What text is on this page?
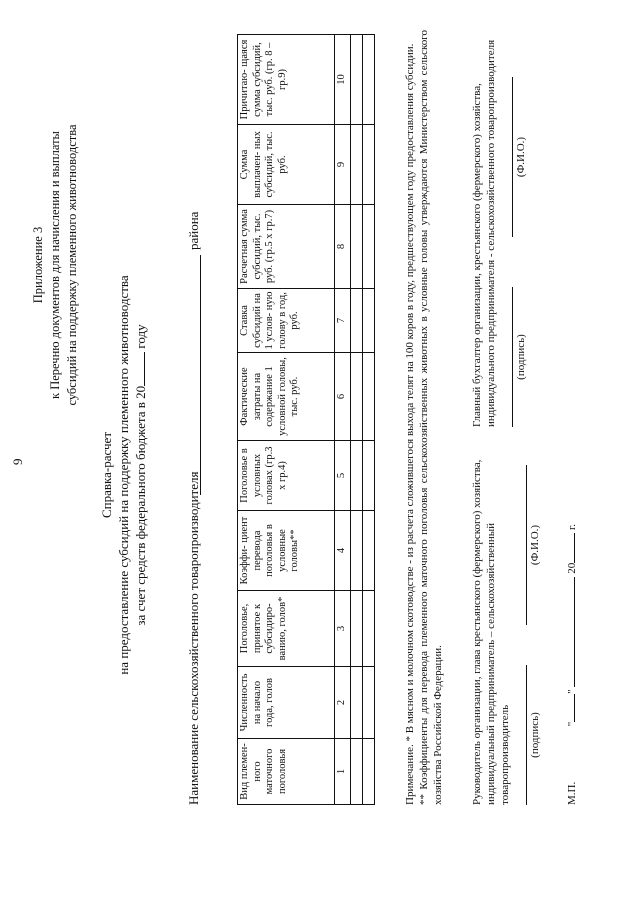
9
Приложение 3 к Перечню документов для начисления и выплаты субсидий на поддержку племенного животноводства
Справка-расчет на предоставление субсидий на поддержку племенного животноводства за счет средств федерального бюджета в 20 году
Наименование сельскохозяйственного товаропроизводителя
района
Вид племен- ного маточного поголовья	Численность на начало года, голов	Поголовье, принятое к субсидиро- ванию, голов*	Коэффи- циент перевода поголовья в условные головы**	Поголовье в условных головах (гр.3 х гр.4)	Фактические затраты на содержание 1 условной головы, тыс. руб.	Ставка субсидий на 1 услов- ную голову в год, руб.	Расчетная сумма субсидий, тыс. руб. (гр.5 х гр.7)	Сумма выплачен- ных субсидий, тыс. руб.	Причитаю- щаяся сумма субсидий, тыс. руб. (гр. 8 – гр.9)
1	2	3	4	5	6	7	8	9	10

										Примечание. * В мясном и молочном скотоводстве - из расчета сложившегося выхода телят на 100 коров в году, предшествующем году предоставления субсидии. ** Коэффициенты для перевода племенного маточного поголовья сельскохозяйственных животных в условные головы утверждаются Министерством сельского хозяйства Российской Федерации. Руководитель организации, глава крестьянского (фермерского) хозяйства, индивидуальный предприниматель – сельскохозяйственный товаропроизводитель (подпись)
(Ф.И.О.)
Главный бухгалтер организации, крестьянского (фермерского) хозяйства, индивидуального предпринимателя - сельскохозяйственного товаропроизводителя (подпись)
(Ф.И.О.)
М.П.  ""  20 г.
